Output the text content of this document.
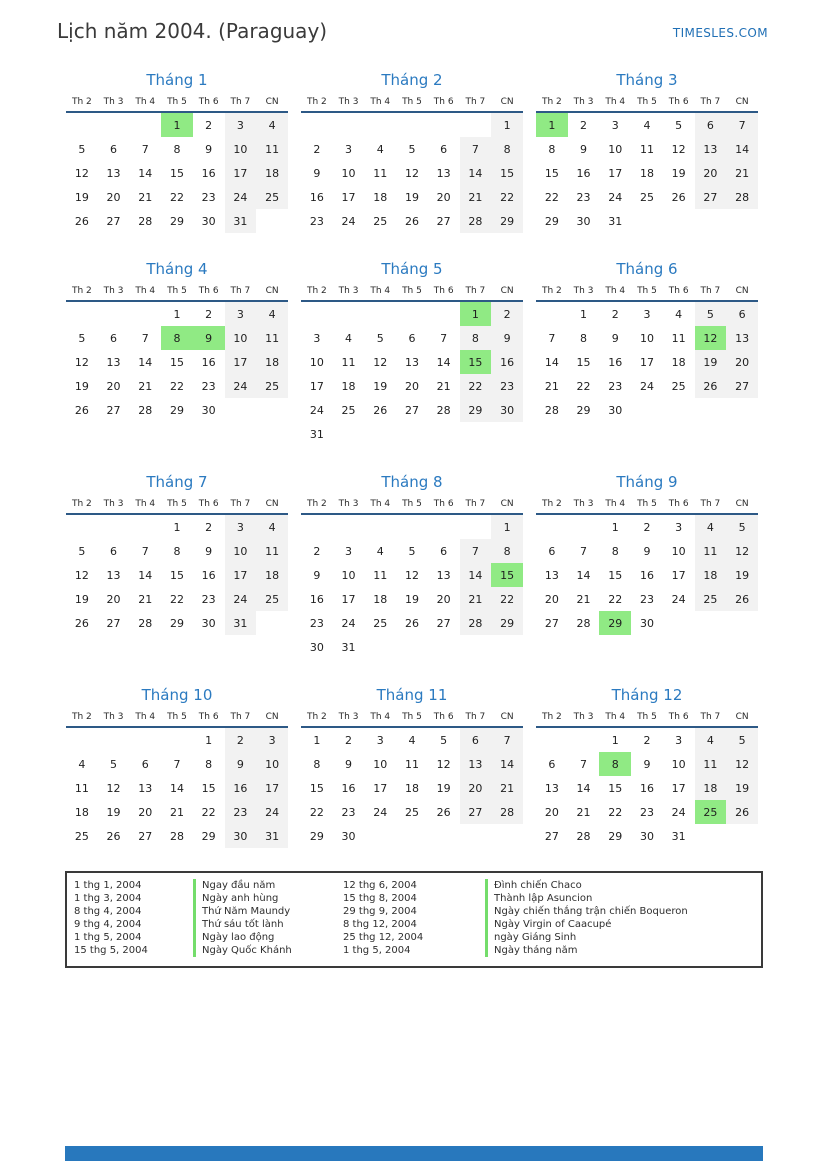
Lịch năm 2004. (Paraguay)	TIMESLES.COM
Tháng 1
Th 2	Th 3	Th 4	Th 5	Th 6	Th 7	CN
			1	2	3	4
5	6	7	8	9	10	11
12	13	14	15	16	17	18
19	20	21	22	23	24	25
26	27	28	29	30	31	
Tháng 2
Th 2	Th 3	Th 4	Th 5	Th 6	Th 7	CN
						1
2	3	4	5	6	7	8
9	10	11	12	13	14	15
16	17	18	19	20	21	22
23	24	25	26	27	28	29
Tháng 3
Th 2	Th 3	Th 4	Th 5	Th 6	Th 7	CN
1	2	3	4	5	6	7
8	9	10	11	12	13	14
15	16	17	18	19	20	21
22	23	24	25	26	27	28
29	30	31				
Tháng 4
Th 2	Th 3	Th 4	Th 5	Th 6	Th 7	CN
			1	2	3	4
5	6	7	8	9	10	11
12	13	14	15	16	17	18
19	20	21	22	23	24	25
26	27	28	29	30		
Tháng 5
Th 2	Th 3	Th 4	Th 5	Th 6	Th 7	CN
					1	2
3	4	5	6	7	8	9
10	11	12	13	14	15	16
17	18	19	20	21	22	23
24	25	26	27	28	29	30
31						
Tháng 6
Th 2	Th 3	Th 4	Th 5	Th 6	Th 7	CN
	1	2	3	4	5	6
7	8	9	10	11	12	13
14	15	16	17	18	19	20
21	22	23	24	25	26	27
28	29	30				
Tháng 7
Th 2	Th 3	Th 4	Th 5	Th 6	Th 7	CN
			1	2	3	4
5	6	7	8	9	10	11
12	13	14	15	16	17	18
19	20	21	22	23	24	25
26	27	28	29	30	31	
Tháng 8
Th 2	Th 3	Th 4	Th 5	Th 6	Th 7	CN
						1
2	3	4	5	6	7	8
9	10	11	12	13	14	15
16	17	18	19	20	21	22
23	24	25	26	27	28	29
30	31					
Tháng 9
Th 2	Th 3	Th 4	Th 5	Th 6	Th 7	CN
		1	2	3	4	5
6	7	8	9	10	11	12
13	14	15	16	17	18	19
20	21	22	23	24	25	26
27	28	29	30			
Tháng 10
Th 2	Th 3	Th 4	Th 5	Th 6	Th 7	CN
				1	2	3
4	5	6	7	8	9	10
11	12	13	14	15	16	17
18	19	20	21	22	23	24
25	26	27	28	29	30	31
Tháng 11
Th 2	Th 3	Th 4	Th 5	Th 6	Th 7	CN
1	2	3	4	5	6	7
8	9	10	11	12	13	14
15	16	17	18	19	20	21
22	23	24	25	26	27	28
29	30					
Tháng 12
Th 2	Th 3	Th 4	Th 5	Th 6	Th 7	CN
		1	2	3	4	5
6	7	8	9	10	11	12
13	14	15	16	17	18	19
20	21	22	23	24	25	26
27	28	29	30	31		
1 thg 1, 2004	Ngay đầu năm	12 thg 6, 2004	Đình chiến Chaco
1 thg 3, 2004	Ngày anh hùng	15 thg 8, 2004	Thành lập Asuncion
8 thg 4, 2004	Thứ Năm Maundy	29 thg 9, 2004	Ngày chiến thắng trận chiến Boqueron
9 thg 4, 2004	Thứ sáu tốt lành	8 thg 12, 2004	Ngày Virgin of Caacupé
1 thg 5, 2004	Ngày lao động	25 thg 12, 2004	ngày Giáng Sinh
15 thg 5, 2004	Ngày Quốc Khánh	1 thg 5, 2004	Ngày tháng năm
